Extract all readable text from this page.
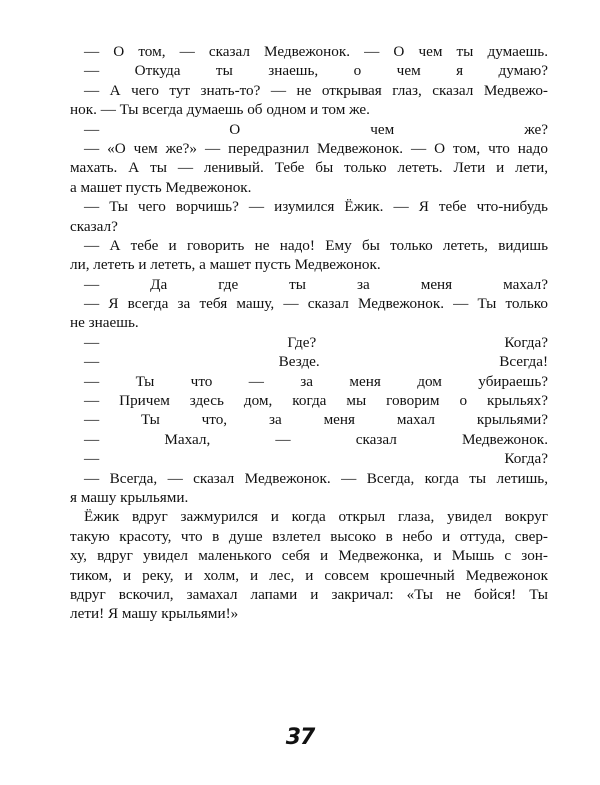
— О том, — сказал Медвежонок. — О чем ты думаешь.
— Откуда ты знаешь, о чем я думаю?
— А чего тут знать-то? — не открывая глаз, сказал Медвежо-
нок. — Ты всегда думаешь об одном и том же.
— О чем же?
— «О чем же?» — передразнил Медвежонок. — О том, что надо
махать. А ты — ленивый. Тебе бы только лететь. Лети и лети,
а машет пусть Медвежонок.
— Ты чего ворчишь? — изумился Ёжик. — Я тебе что-нибудь
сказал?
— А тебе и говорить не надо! Ему бы только лететь, видишь
ли, лететь и лететь, а машет пусть Медвежонок.
— Да где ты за меня махал?
— Я всегда за тебя машу, — сказал Медвежонок. — Ты только
не знаешь.
— Где? Когда?
— Везде. Всегда!
— Ты что — за меня дом убираешь?
— Причем здесь дом, когда мы говорим о крыльях?
— Ты что, за меня махал крыльями?
— Махал, — сказал Медвежонок.
— Когда?
— Всегда, — сказал Медвежонок. — Всегда, когда ты летишь,
я машу крыльями.
Ёжик вдруг зажмурился и когда открыл глаза, увидел вокруг
такую красоту, что в душе взлетел высоко в небо и оттуда, свер-
ху, вдруг увидел маленького себя и Медвежонка, и Мышь с зон-
тиком, и реку, и холм, и лес, и совсем крошечный Медвежонок
вдруг вскочил, замахал лапами и закричал: «Ты не бойся! Ты
лети! Я машу крыльями!»
37
